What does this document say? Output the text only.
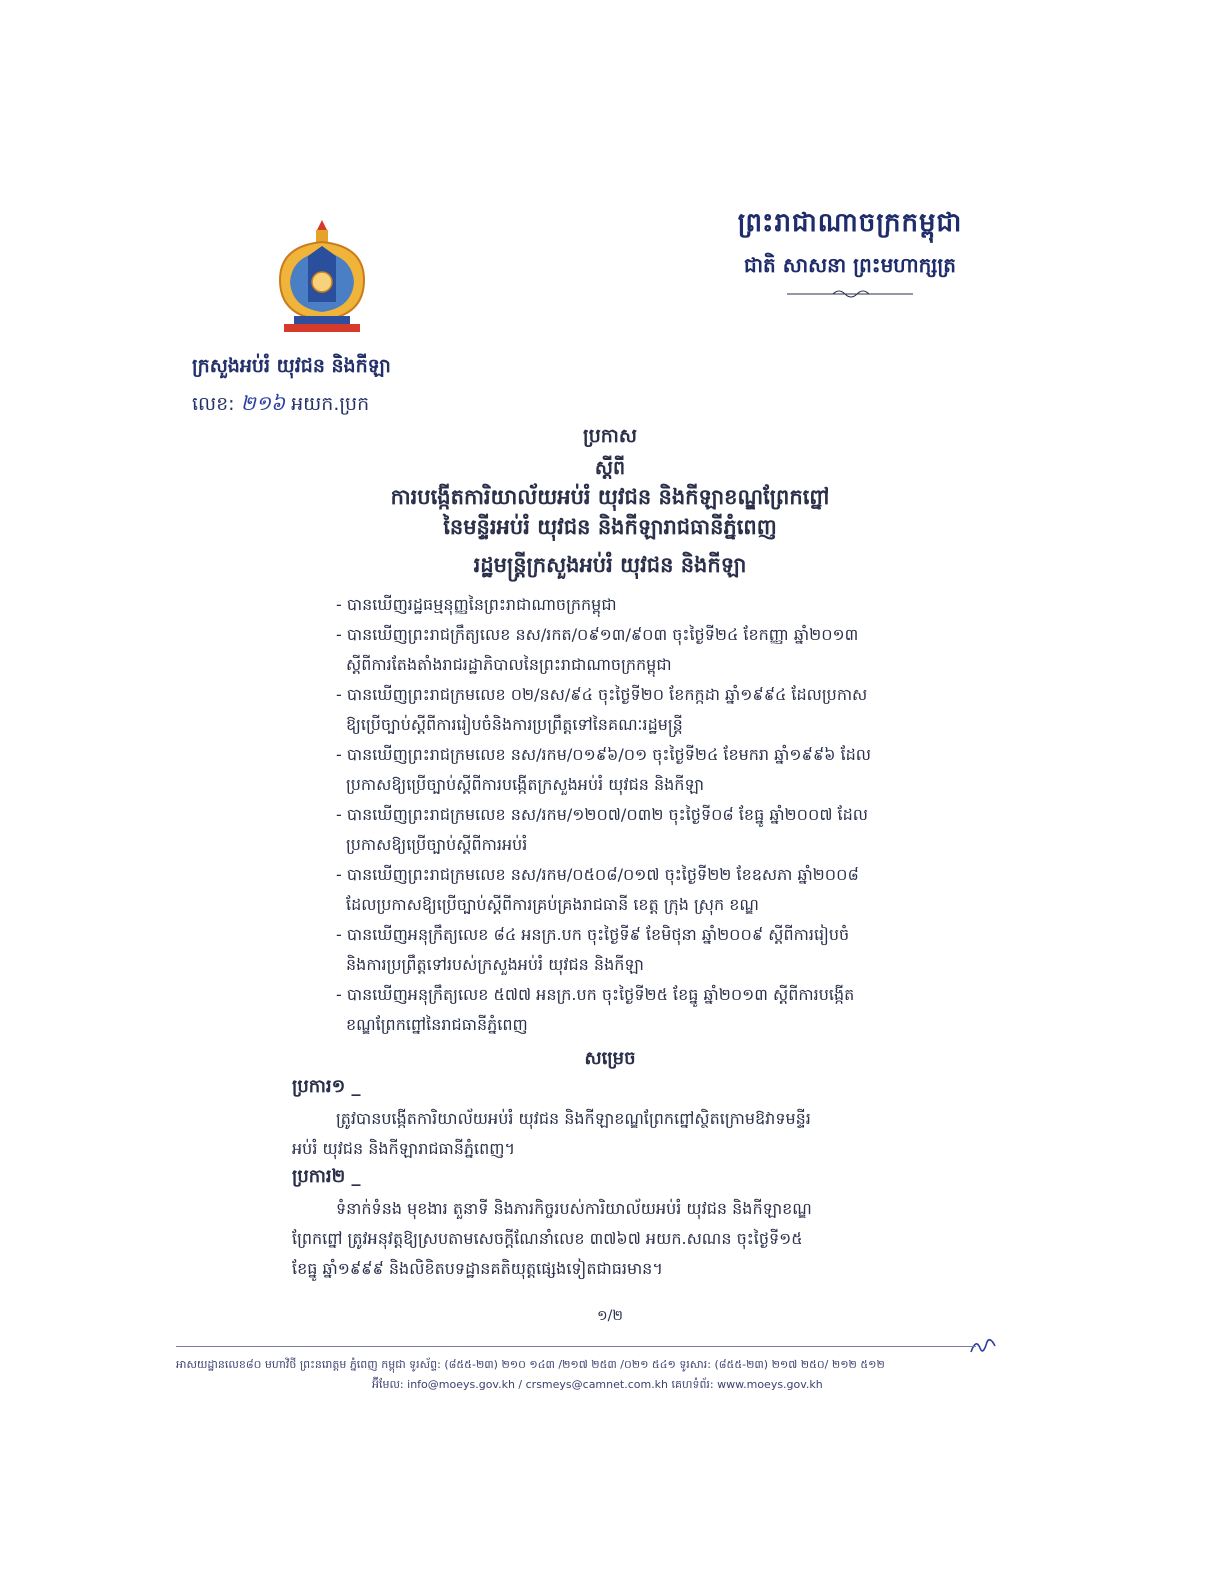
ព្រះរាជាណាចក្រកម្ពុជា
ជាតិ សាសនា ព្រះមហាក្សត្រ
ក្រសួងអប់រំ យុវជន និងកីឡា
លេខ: ២១៦ អយក.ប្រក
ប្រកាស
ស្តីពី
ការបង្កើតការិយាល័យអប់រំ យុវជន និងកីឡាខណ្ឌព្រែកព្នៅ
នៃមន្ទីរអប់រំ យុវជន និងកីឡារាជធានីភ្នំពេញ
រដ្ឋមន្ត្រីក្រសួងអប់រំ យុវជន និងកីឡា
- បានឃើញរដ្ឋធម្មនុញ្ញនៃព្រះរាជាណាចក្រកម្ពុជា
- បានឃើញព្រះរាជក្រឹត្យលេខ នស/រកត/០៩១៣/៩០៣ ចុះថ្ងៃទី២៤ ខែកញ្ញា ឆ្នាំ២០១៣
ស្តីពីការតែងតាំងរាជរដ្ឋាភិបាលនៃព្រះរាជាណាចក្រកម្ពុជា
- បានឃើញព្រះរាជក្រមលេខ ០២/នស/៩៤ ចុះថ្ងៃទី២០ ខែកក្កដា ឆ្នាំ១៩៩៤ ដែលប្រកាស
ឱ្យប្រើច្បាប់ស្តីពីការរៀបចំនិងការប្រព្រឹត្តទៅនៃគណៈរដ្ឋមន្ត្រី
- បានឃើញព្រះរាជក្រមលេខ នស/រកម/០១៩៦/០១ ចុះថ្ងៃទី២៤ ខែមករា ឆ្នាំ១៩៩៦ ដែល
ប្រកាសឱ្យប្រើច្បាប់ស្តីពីការបង្កើតក្រសួងអប់រំ យុវជន និងកីឡា
- បានឃើញព្រះរាជក្រមលេខ នស/រកម/១២០៧/០៣២ ចុះថ្ងៃទី០៨ ខែធ្នូ ឆ្នាំ២០០៧ ដែល
ប្រកាសឱ្យប្រើច្បាប់ស្តីពីការអប់រំ
- បានឃើញព្រះរាជក្រមលេខ នស/រកម/០៥០៨/០១៧ ចុះថ្ងៃទី២២ ខែឧសភា ឆ្នាំ២០០៨
ដែលប្រកាសឱ្យប្រើច្បាប់ស្តីពីការគ្រប់គ្រងរាជធានី ខេត្ត ក្រុង ស្រុក ខណ្ឌ
- បានឃើញអនុក្រឹត្យលេខ ៨៤ អនក្រ.បក ចុះថ្ងៃទី៩ ខែមិថុនា ឆ្នាំ២០០៩ ស្តីពីការរៀបចំ
និងការប្រព្រឹត្តទៅរបស់ក្រសួងអប់រំ យុវជន និងកីឡា
- បានឃើញអនុក្រឹត្យលេខ ៥៧៧ អនក្រ.បក ចុះថ្ងៃទី២៥ ខែធ្នូ ឆ្នាំ២០១៣ ស្តីពីការបង្កើត
ខណ្ឌព្រែកព្នៅនៃរាជធានីភ្នំពេញ
សម្រេច
ប្រការ១ _
ត្រូវបានបង្កើតការិយាល័យអប់រំ យុវជន និងកីឡាខណ្ឌព្រែកព្នៅស្ថិតក្រោមឱវាទមន្ទីរ
អប់រំ យុវជន និងកីឡារាជធានីភ្នំពេញ។
ប្រការ២ _
ទំនាក់ទំនង មុខងារ តួនាទី និងភារកិច្ចរបស់ការិយាល័យអប់រំ យុវជន និងកីឡាខណ្ឌ
ព្រែកព្នៅ ត្រូវអនុវត្តឱ្យស្របតាមសេចក្តីណែនាំលេខ ៣៧៦៧ អយក.សណន ចុះថ្ងៃទី១៥
ខែធ្នូ ឆ្នាំ១៩៩៩ និងលិខិតបទដ្ឋានគតិយុត្តផ្សេងទៀតជាធរមាន។
១/២
អាសយដ្ឋានលេខ៨០ មហាវិថី ព្រះនរោត្តម ភ្នំពេញ កម្ពុជា ទូរស័ព្ទ: (៨៥៥-២៣) ២១០ ១៤៣ /២១៧ ២៥៣ /០២១ ៥៤១ ទូរសារ: (៨៥៥-២៣) ២១៧ ២៥០/ ២១២ ៥១២
អ៊ីមែល: info@moeys.gov.kh / crsmeys@camnet.com.kh គេហទំព័រ: www.moeys.gov.kh
